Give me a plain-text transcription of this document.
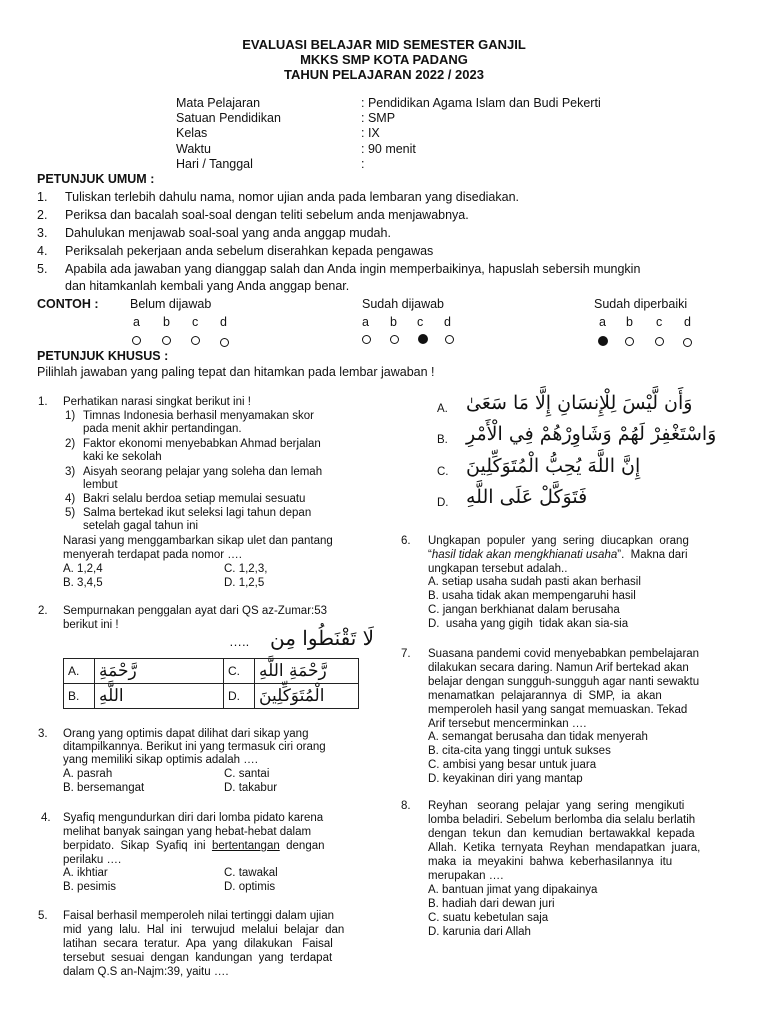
EVALUASI BELAJAR MID SEMESTER GANJIL
MKKS SMP KOTA PADANG
TAHUN PELAJARAN 2022 / 2023
Mata Pelajaran	: Pendidikan Agama Islam dan Budi Pekerti
Satuan Pendidikan	: SMP
Kelas	: IX
Waktu	: 90 menit
Hari / Tanggal	:
PETUNJUK UMUM :
1. Tuliskan terlebih dahulu nama, nomor ujian anda pada lembaran yang disediakan.
2. Periksa dan bacalah soal-soal dengan teliti sebelum anda menjawabnya.
3. Dahulukan menjawab soal-soal yang anda anggap mudah.
4. Periksalah pekerjaan anda sebelum diserahkan kepada pengawas
5. Apabila ada jawaban yang dianggap salah dan Anda ingin memperbaikinya, hapuslah sebersih mungkin
dan hitamkanlah kembali yang Anda anggap benar.
CONTOH :	Belum dijawab
a b c d
Sudah dijawab
a b c d
Sudah diperbaiki
a b c d
PETUNJUK KHUSUS :
Pilihlah jawaban yang paling tepat dan hitamkan pada lembar jawaban !
1. Perhatikan narasi singkat berikut ini !
1) Timnas Indonesia berhasil menyamakan skor
pada menit akhir pertandingan.
2) Faktor ekonomi menyebabkan Ahmad berjalan
kaki ke sekolah
3) Aisyah seorang pelajar yang soleha dan lemah
lembut
4) Bakri selalu berdoa setiap memulai sesuatu
5) Salma bertekad ikut seleksi lagi tahun depan
setelah gagal tahun ini
Narasi yang menggambarkan sikap ulet dan pantang
menyerah terdapat pada nomor ….
A. 1,2,4	C. 1,2,3,
B. 3,4,5	D. 1,2,5
2. Sempurnakan penggalan ayat dari QS az-Zumar:53
berikut ini !
….. لَا تَقْنَطُوا مِن
A.	رَّحْمَةِ	C.	رَّحْمَةِ اللَّهِ
B.	اللَّهِ	D.	الْمُتَوَكِّلِينَ
3. Orang yang optimis dapat dilihat dari sikap yang
ditampilkannya. Berikut ini yang termasuk ciri orang
yang memiliki sikap optimis adalah ….
A. pasrah	C. santai
B. bersemangat	D. takabur
4. Syafiq mengundurkan diri dari lomba pidato karena
melihat banyak saingan yang hebat-hebat dalam
berpidato.  Sikap  Syafiq  ini  bertentangan  dengan
perilaku ….
A. ikhtiar	C. tawakal
B. pesimis	D. optimis
5. Faisal berhasil memperoleh nilai tertinggi dalam ujian
mid  yang  lalu.  Hal  ini   terwujud  melalui  belajar  dan
latihan  secara  teratur.  Apa  yang  dilakukan   Faisal
tersebut  sesuai  dengan  kandungan  yang  terdapat
dalam Q.S an-Najm:39, yaitu ….
A. وَأَن لَّيْسَ لِلْإِنسَانِ إِلَّا مَا سَعَىٰ
B. وَاسْتَغْفِرْ لَهُمْ وَشَاوِرْهُمْ فِي الْأَمْرِ
C. إِنَّ اللَّهَ يُحِبُّ الْمُتَوَكِّلِينَ
D. فَتَوَكَّلْ عَلَى اللَّهِ
6. Ungkapan  populer  yang  sering  diucapkan  orang
“hasil tidak akan mengkhianati usaha”.  Makna dari
ungkapan tersebut adalah..
A. setiap usaha sudah pasti akan berhasil
B. usaha tidak akan mempengaruhi hasil
C. jangan berkhianat dalam berusaha
D.  usaha yang gigih  tidak akan sia-sia
7. Suasana pandemi covid menyebabkan pembelajaran
dilakukan secara daring. Namun Arif bertekad akan
belajar dengan sungguh-sungguh agar nanti sewaktu
menamatkan  pelajarannya  di  SMP,  ia  akan
memperoleh hasil yang sangat memuaskan. Tekad
Arif tersebut mencerminkan ….
A. semangat berusaha dan tidak menyerah
B. cita-cita yang tinggi untuk sukses
C. ambisi yang besar untuk juara
D. keyakinan diri yang mantap
8. Reyhan   seorang  pelajar  yang  sering  mengikuti
lomba beladiri. Sebelum berlomba dia selalu berlatih
dengan  tekun  dan  kemudian  bertawakkal  kepada
Allah.  Ketika  ternyata  Reyhan  mendapatkan  juara,
maka  ia  meyakini  bahwa  keberhasilannya  itu
merupakan ….
A. bantuan jimat yang dipakainya
B. hadiah dari dewan juri
C. suatu kebetulan saja
D. karunia dari Allah
